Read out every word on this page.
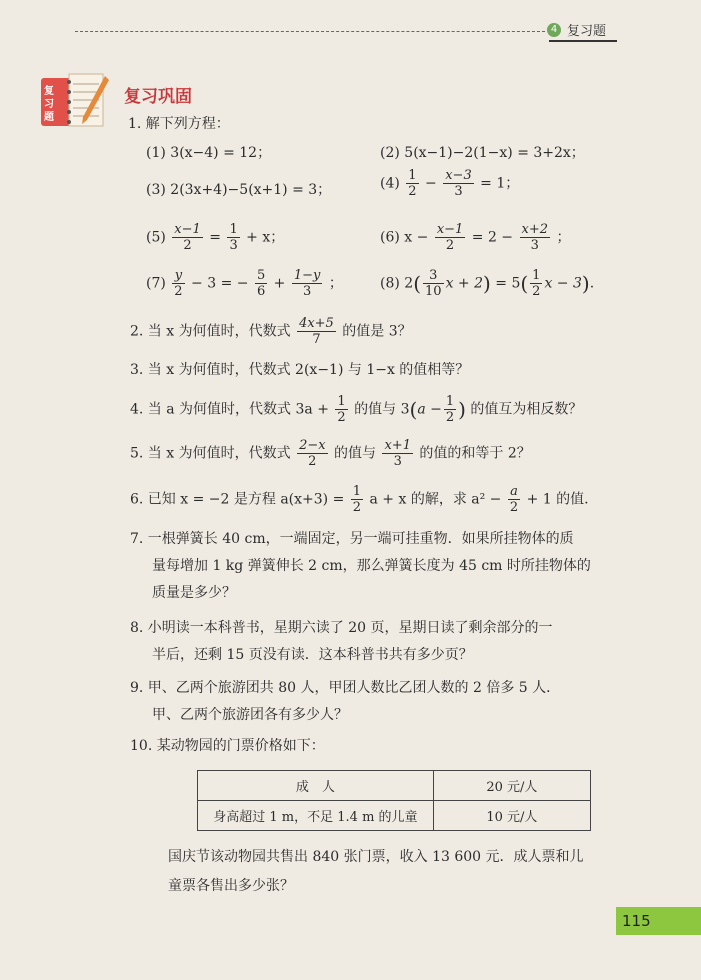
4 复习题
复
习
题
复习巩固
1. 解下列方程：
(1) 3(x−4) = 12；	(2) 5(x−1)−2(1−x) = 3+2x；
(3) 2(3x+4)−5(x+1) = 3；	$(4) \frac{1}{2} - \frac{x-3}{3} = 1$；
$(5) \frac{x-1}{2} = \frac{1}{3} + x$；	(6) $x - \frac{x-1}{2} = 2 - \frac{x+2}{3}$ ；
$(7) \frac{y}{2} - 3$ = − $\frac{5}{6} + \frac{1-y}{3}$ ；	(8) $2( \frac{3}{10}$ $x + 2) = 5( \frac{1}{2}$ x − 3).
2. 当 x 为何值时，代数式 $\frac{4x+5}{7}$ 的值是 3？
3. 当 x 为何值时，代数式 2(x−1) 与 1−x 的值相等？
4. 当 a 为何值时，代数式 $3a + \frac{1}{2}$ 的值与 $3(a - \frac{1}{2}$ ) 的值互为相反数？
5. 当 x 为何值时，代数式 $\frac{2-x}{2}$ 的值与 $\frac{x+1}{3}$ 的值的和等于 2？
6. 已知 x = −2 是方程 $a(x+3) = \frac{1}{2}$ a + x 的解，求 $a^2 - \frac{a}{2} + 1$ 的值.
7. 一根弹簧长 40 cm，一端固定，另一端可挂重物．如果所挂物体的质
量每增加 1 kg 弹簧伸长 2 cm，那么弹簧长度为 45 cm 时所挂物体的
质量是多少？
8. 小明读一本科普书，星期六读了 20 页，星期日读了剩余部分的一
半后，还剩 15 页没有读．这本科普书共有多少页？
9. 甲、乙两个旅游团共 80 人，甲团人数比乙团人数的 2 倍多 5 人．
甲、乙两个旅游团各有多少人？
10. 某动物园的门票价格如下：
成　人	20 元/人
身高超过 1 m，不足 1.4 m 的儿童	10 元/人
国庆节该动物园共售出 840 张门票，收入 13 600 元．成人票和儿
童票各售出多少张？
115
